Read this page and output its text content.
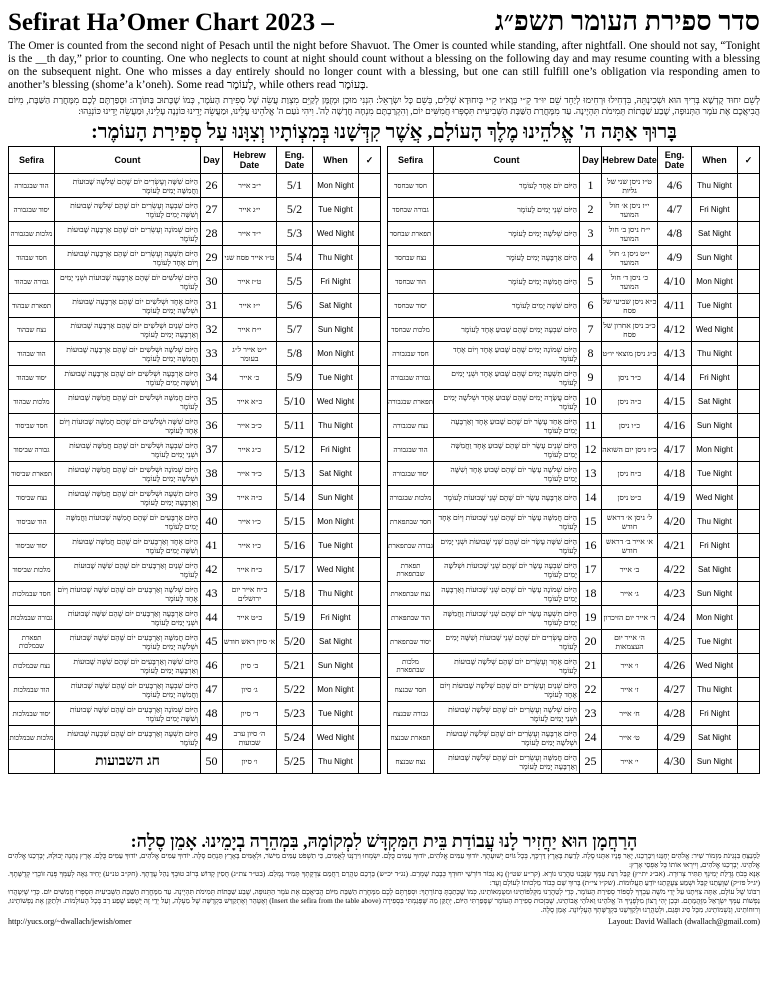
Sefirat Ha’Omer Chart 2023 –	סדר ספירת העומר תשפ״ג
The Omer is counted from the second night of Pesach until the night before Shavuot. The Omer is counted while standing, after nightfall. One should not say, “Tonight is the __th day,” prior to counting. One who neglects to count at night should count without a blessing on the following day and may resume counting with a blessing on the subsequent night. One who misses a day entirely should no longer count with a blessing, but one can still fulfill one’s obligation via responding amen to another’s blessing (shome’a k’oneh). Some read לָעוֹמֶר, while others read בָּעוֹמֶר.
לְשֵׁם יִחוּד קֻדְשָׁא בְּרִיךְ הוּא וּשְׁכִינְתֵּהּ, בִּדְחִילוּ וּרְחִימוּ לְיַחֵד שֵׁם יוּ״ד קֵ״י בְּוָא״ו קֵ״י בְּיִחוּדָא שְׁלִים, בְּשֵׁם כָּל יִשְׂרָאֵל: הִנְנִי מוּכָן וּמְזֻמָּן לְקַיֵּם מִצְוַת עֲשֵׂה שֶׁל סְפִירַת הָעֹמֶר, כְּמוֹ שֶׁכָּתוּב בַּתּוֹרָה: וּסְפַרְתֶּם לָכֶם מִמָּחֳרַת הַשַּׁבָּת, מִיּוֹם הֲבִיאֲכֶם אֶת עֹמֶר הַתְּנוּפָה, שֶׁבַע שַׁבָּתוֹת תְּמִימֹת תִּהְיֶינָה. עַד מִמָּחֳרַת הַשַּׁבָּת הַשְּׁבִיעִית תִּסְפְּרוּ חֲמִשִּׁים יוֹם, וְהִקְרַבְתֶּם מִנְחָה חֲדָשָׁה לַה'. וִיהִי נֹעַם ה' אֱלֹהֵינוּ עָלֵינוּ, וּמַעֲשֵׂה יָדֵינוּ כּוֹנְנָה עָלֵינוּ, וּמַעֲשֵׂה יָדֵינוּ כּוֹנְנֵהוּ:
בָּרוּךְ אַתָּה ה' אֱלֹהֵינוּ מֶלֶךְ הָעוֹלָם, אֲשֶׁר קִדְּשָׁנוּ בְּמִצְוֹתָיו וְצִוָּנוּ עַל סְפִירַת הָעוֹמֶר:
Sefira	Count	Day	Hebrew Date	Eng. Date	When	✓
הוד שבגבורה	הַיּוֹם שִׁשָּׁה וְעֶשְׂרִים יוֹם שֶׁהֵם שְׁלֹשָׁה שָׁבוּעוֹת וַחֲמִשָּׁה יָמִים לָעוֹמֶר	26	י״ב אייר	5/1	Mon Night	
יסוד שבגבורה	הַיּוֹם שִׁבְעָה וְעֶשְׂרִים יוֹם שֶׁהֵם שְׁלֹשָׁה שָׁבוּעוֹת וְשִׁשָּׁה יָמִים לָעוֹמֶר	27	י״ג אייר	5/2	Tue Night	
מלכות שבגבורה	הַיּוֹם שְׁמוֹנָה וְעֶשְׂרִים יוֹם שֶׁהֵם אַרְבָּעָה שָׁבוּעוֹת לָעוֹמֶר	28	י״ד אייר	5/3	Wed Night	
חסד שבהוד	הַיּוֹם תִּשְׁעָה וְעֶשְׂרִים יוֹם שֶׁהֵם אַרְבָּעָה שָׁבוּעוֹת וְיוֹם אֶחָד לָעוֹמֶר	29	ט״ו אייר פסח שני	5/4	Thu Night	
גבורה שבהוד	הַיּוֹם שְׁלֹשִׁים יוֹם שֶׁהֵם אַרְבָּעָה שָׁבוּעוֹת וּשְׁנֵי יָמִים לָעוֹמֶר	30	ט״ז אייר	5/5	Fri Night	
תפארת שבהוד	הַיּוֹם אֶחָד וּשְׁלֹשִׁים יוֹם שֶׁהֵם אַרְבָּעָה שָׁבוּעוֹת וּשְׁלֹשָׁה יָמִים לָעוֹמֶר	31	י״ז אייר	5/6	Sat Night	
נצח שבהוד	הַיּוֹם שְׁנַיִם וּשְׁלֹשִׁים יוֹם שֶׁהֵם אַרְבָּעָה שָׁבוּעוֹת וְאַרְבָּעָה יָמִים לָעוֹמֶר	32	י״ח אייר	5/7	Sun Night	
הוד שבהוד	הַיּוֹם שְׁלֹשָׁה וּשְׁלֹשִׁים יוֹם שֶׁהֵם אַרְבָּעָה שָׁבוּעוֹת וַחֲמִשָּׁה יָמִים לָעוֹמֶר	33	י״ט אייר ל״ג בעומר	5/8	Mon Night	
יסוד שבהוד	הַיּוֹם אַרְבָּעָה וּשְׁלֹשִׁים יוֹם שֶׁהֵם אַרְבָּעָה שָׁבוּעוֹת וְשִׁשָּׁה יָמִים לָעוֹמֶר	34	כ׳ אייר	5/9	Tue Night	
מלכות שבהוד	הַיּוֹם חֲמִשָּׁה וּשְׁלֹשִׁים יוֹם שֶׁהֵם חֲמִשָּׁה שָׁבוּעוֹת לָעוֹמֶר	35	כ״א אייר	5/10	Wed Night	
חסד שביסוד	הַיּוֹם שִׁשָּׁה וּשְׁלֹשִׁים יוֹם שֶׁהֵם חֲמִשָּׁה שָׁבוּעוֹת וְיוֹם אֶחָד לָעוֹמֶר	36	כ״ב אייר	5/11	Thu Night	
גבורה שביסוד	הַיּוֹם שִׁבְעָה וּשְׁלֹשִׁים יוֹם שֶׁהֵם חֲמִשָּׁה שָׁבוּעוֹת וּשְׁנֵי יָמִים לָעוֹמֶר	37	כ״ג אייר	5/12	Fri Night	
תפארת שביסוד	הַיּוֹם שְׁמוֹנָה וּשְׁלֹשִׁים יוֹם שֶׁהֵם חֲמִשָּׁה שָׁבוּעוֹת וּשְׁלֹשָׁה יָמִים לָעוֹמֶר	38	כ״ד אייר	5/13	Sat Night	
נצח שביסוד	הַיּוֹם תִּשְׁעָה וּשְׁלֹשִׁים יוֹם שֶׁהֵם חֲמִשָּׁה שָׁבוּעוֹת וְאַרְבָּעָה יָמִים לָעוֹמֶר	39	כ״ה אייר	5/14	Sun Night	
הוד שביסוד	הַיּוֹם אַרְבָּעִים יוֹם שֶׁהֵם חֲמִשָּׁה שָׁבוּעוֹת וַחֲמִשָּׁה יָמִים לָעוֹמֶר	40	כ״ו אייר	5/15	Mon Night	
יסוד שביסוד	הַיּוֹם אֶחָד וְאַרְבָּעִים יוֹם שֶׁהֵם חֲמִשָּׁה שָׁבוּעוֹת וְשִׁשָּׁה יָמִים לָעוֹמֶר	41	כ״ז אייר	5/16	Tue Night	
מלכות שביסוד	הַיּוֹם שְׁנַיִם וְאַרְבָּעִים יוֹם שֶׁהֵם שִׁשָּׁה שָׁבוּעוֹת לָעוֹמֶר	42	כ״ח אייר	5/17	Wed Night	
חסד שבמלכות	הַיּוֹם שְׁלֹשָׁה וְאַרְבָּעִים יוֹם שֶׁהֵם שִׁשָּׁה שָׁבוּעוֹת וְיוֹם אֶחָד לָעוֹמֶר	43	כ״ח אייר יום ירושלים	5/18	Thu Night	
גבורה שבמלכות	הַיּוֹם אַרְבָּעָה וְאַרְבָּעִים יוֹם שֶׁהֵם שִׁשָּׁה שָׁבוּעוֹת וּשְׁנֵי יָמִים לָעוֹמֶר	44	כ״ט אייר	5/19	Fri Night	
תפארת שבמלכות	הַיּוֹם חֲמִשָּׁה וְאַרְבָּעִים יוֹם שֶׁהֵם שִׁשָּׁה שָׁבוּעוֹת וּשְׁלֹשָׁה יָמִים לָעוֹמֶר	45	א׳ סיון ראש חודש	5/20	Sat Night	
נצח שבמלכות	הַיּוֹם שִׁשָּׁה וְאַרְבָּעִים יוֹם שֶׁהֵם שִׁשָּׁה שָׁבוּעוֹת וְאַרְבָּעָה יָמִים לָעוֹמֶר	46	ב׳ סיון	5/21	Sun Night	
הוד שבמלכות	הַיּוֹם שִׁבְעָה וְאַרְבָּעִים יוֹם שֶׁהֵם שִׁשָּׁה שָׁבוּעוֹת וַחֲמִשָּׁה יָמִים לָעוֹמֶר	47	ג׳ סיון	5/22	Mon Night	
יסוד שבמלכות	הַיּוֹם שְׁמוֹנָה וְאַרְבָּעִים יוֹם שֶׁהֵם שִׁשָּׁה שָׁבוּעוֹת וְשִׁשָּׁה יָמִים לָעוֹמֶר	48	ד׳ סיון	5/23	Tue Night	
מלכות שבמלכות	הַיּוֹם תִּשְׁעָה וְאַרְבָּעִים יוֹם שֶׁהֵם שִׁבְעָה שָׁבוּעוֹת לָעוֹמֶר	49	ה׳ סיון ערב שבועות	5/24	Wed Night	
	חג השבועות	50	ו׳ סיון	5/25	Thu Night	
Sefira	Count	Day	Hebrew Date	Eng. Date	When	✓
חסד שבחסד	הַיּוֹם יוֹם אֶחָד לָעוֹמֶר	1	ט״ז ניסן שני של גליות	4/6	Thu Night	
גבורה שבחסד	הַיּוֹם שְׁנֵי יָמִים לָעוֹמֶר	2	י״ז ניסן א׳ חול המועד	4/7	Fri Night	
תפארת שבחסד	הַיּוֹם שְׁלֹשָׁה יָמִים לָעוֹמֶר	3	י״ח ניסן ב׳ חול המועד	4/8	Sat Night	
נצח שבחסד	הַיּוֹם אַרְבָּעָה יָמִים לָעוֹמֶר	4	י״ט ניסן ג׳ חול המועד	4/9	Sun Night	
הוד שבחסד	הַיּוֹם חֲמִשָּׁה יָמִים לָעוֹמֶר	5	כ׳ ניסן ד׳ חול המועד	4/10	Mon Night	
יסוד שבחסד	הַיּוֹם שִׁשָּׁה יָמִים לָעוֹמֶר	6	כ״א ניסן שביעי של פסח	4/11	Tue Night	
מלכות שבחסד	הַיּוֹם שִׁבְעָה יָמִים שֶׁהֵם שָׁבוּעַ אֶחָד לָעוֹמֶר	7	כ״ב ניסן אחרון של פסח	4/12	Wed Night	
חסד שבגבורה	הַיּוֹם שְׁמוֹנָה יָמִים שֶׁהֵם שָׁבוּעַ אֶחָד וְיוֹם אֶחָד לָעוֹמֶר	8	כ״ג ניסן מוצאי יו״ט	4/13	Thu Night	
גבורה שבגבורה	הַיּוֹם תִּשְׁעָה יָמִים שֶׁהֵם שָׁבוּעַ אֶחָד וּשְׁנֵי יָמִים לָעוֹמֶר	9	כ״ד ניסן	4/14	Fri Night	
תפארת שבגבורה	הַיּוֹם עֲשָׂרָה יָמִים שֶׁהֵם שָׁבוּעַ אֶחָד וּשְׁלֹשָׁה יָמִים לָעוֹמֶר	10	כ״ה ניסן	4/15	Sat Night	
נצח שבגבורה	הַיּוֹם אַחַד עָשָׂר יוֹם שֶׁהֵם שָׁבוּעַ אֶחָד וְאַרְבָּעָה יָמִים לָעוֹמֶר	11	כ״ו ניסן	4/16	Sun Night	
הוד שבגבורה	הַיּוֹם שְׁנֵים עָשָׂר יוֹם שֶׁהֵם שָׁבוּעַ אֶחָד וַחֲמִשָּׁה יָמִים לָעוֹמֶר	12	כ״ז ניסן יום השואה	4/17	Mon Night	
יסוד שבגבורה	הַיּוֹם שְׁלֹשָׁה עָשָׂר יוֹם שֶׁהֵם שָׁבוּעַ אֶחָד וְשִׁשָּׁה יָמִים לָעוֹמֶר	13	כ״ח ניסן	4/18	Tue Night	
מלכות שבגבורה	הַיּוֹם אַרְבָּעָה עָשָׂר יוֹם שֶׁהֵם שְׁנֵי שָׁבוּעוֹת לָעוֹמֶר	14	כ״ט ניסן	4/19	Wed Night	
חסד שבתפארת	הַיּוֹם חֲמִשָּׁה עָשָׂר יוֹם שֶׁהֵם שְׁנֵי שָׁבוּעוֹת וְיוֹם אֶחָד לָעוֹמֶר	15	ל׳ ניסן א׳ דראש חודש	4/20	Thu Night	
גבורה שבתפארת	הַיּוֹם שִׁשָּׁה עָשָׂר יוֹם שֶׁהֵם שְׁנֵי שָׁבוּעוֹת וּשְׁנֵי יָמִים לָעוֹמֶר	16	א׳ אייר ב׳ דראש חודש	4/21	Fri Night	
תפארת שבתפארת	הַיּוֹם שִׁבְעָה עָשָׂר יוֹם שֶׁהֵם שְׁנֵי שָׁבוּעוֹת וּשְׁלֹשָׁה יָמִים לָעוֹמֶר	17	ב׳ אייר	4/22	Sat Night	
נצח שבתפארת	הַיּוֹם שְׁמוֹנָה עָשָׂר יוֹם שֶׁהֵם שְׁנֵי שָׁבוּעוֹת וְאַרְבָּעָה יָמִים לָעוֹמֶר	18	ג׳ אייר	4/23	Sun Night	
הוד שבתפארת	הַיּוֹם תִּשְׁעָה עָשָׂר יוֹם שֶׁהֵם שְׁנֵי שָׁבוּעוֹת וַחֲמִשָּׁה יָמִים לָעוֹמֶר	19	ד׳ אייר יום הזיכרון	4/24	Mon Night	
יסוד שבתפארת	הַיּוֹם עֶשְׂרִים יוֹם שֶׁהֵם שְׁנֵי שָׁבוּעוֹת וְשִׁשָּׁה יָמִים לָעוֹמֶר	20	ה׳ אייר יום העצמאות	4/25	Tue Night	
מלכות שבתפארת	הַיּוֹם אֶחָד וְעֶשְׂרִים יוֹם שֶׁהֵם שְׁלֹשָׁה שָׁבוּעוֹת לָעוֹמֶר	21	ו׳ אייר	4/26	Wed Night	
חסד שבנצח	הַיּוֹם שְׁנַיִם וְעֶשְׂרִים יוֹם שֶׁהֵם שְׁלֹשָׁה שָׁבוּעוֹת וְיוֹם אֶחָד לָעוֹמֶר	22	ז׳ אייר	4/27	Thu Night	
גבורה שבנצח	הַיּוֹם שְׁלֹשָׁה וְעֶשְׂרִים יוֹם שֶׁהֵם שְׁלֹשָׁה שָׁבוּעוֹת וּשְׁנֵי יָמִים לָעוֹמֶר	23	ח׳ אייר	4/28	Fri Night	
תפארת שבנצח	הַיּוֹם אַרְבָּעָה וְעֶשְׂרִים יוֹם שֶׁהֵם שְׁלֹשָׁה שָׁבוּעוֹת וּשְׁלֹשָׁה יָמִים לָעוֹמֶר	24	ט׳ אייר	4/29	Sat Night	
נצח שבנצח	הַיּוֹם חֲמִשָּׁה וְעֶשְׂרִים יוֹם שֶׁהֵם שְׁלֹשָׁה שָׁבוּעוֹת וְאַרְבָּעָה יָמִים לָעוֹמֶר	25	י׳ אייר	4/30	Sun Night	
הָרַחֲמָן הוּא יַחֲזִיר לָנוּ עֲבוֹדַת בֵּית הַמִּקְדָּשׁ לִמְקוֹמָהּ, בִּמְהֵרָה בְיָמֵינוּ. אָמֵן סֶלָה:
לַמְנַצֵּחַ בִּנְגִינֹת מִזְמוֹר שִׁיר: אֱלֹהִים יְחָנֵּנוּ וִיבָרְכֵנוּ, יָאֵר פָּנָיו אִתָּנוּ סֶלָה. לָדַעַת בָּאָרֶץ דַּרְכֶּךָ, בְּכָל גּוֹיִם יְשׁוּעָתֶךָ. יוֹדוּךָ עַמִּים אֱלֹהִים, יוֹדוּךָ עַמִּים כֻּלָּם. יִשְׂמְחוּ וִירַנְּנוּ לְאֻמִּים, כִּי תִשְׁפֹּט עַמִּים מִישֹׁר, וּלְאֻמִּים בָּאָרֶץ תַּנְחֵם סֶלָה. יוֹדוּךָ עַמִּים אֱלֹהִים, יוֹדוּךָ עַמִּים כֻּלָּם. אֶרֶץ נָתְנָה יְבוּלָהּ, יְבָרְכֵנוּ אֱלֹהִים אֱלֹהֵינוּ. יְבָרְכֵנוּ אֱלֹהִים, וְיִירְאוּ אוֹתוֹ כָּל אַפְסֵי אָרֶץ:
אָנָּא בְּכֹחַ גְּדֻלַּת יְמִינְךָ תַּתִּיר צְרוּרָה. (אב״ג ית״ץ) קַבֵּל רִנַּת עַמְּךָ שַׂגְּבֵנוּ טַהֲרֵנוּ נוֹרָא. (קר״ע שט״ן) נָא גִבּוֹר דּוֹרְשֵׁי יִחוּדְךָ כְּבָבַת שָׁמְרֵם. (נג״ד יכ״ש) בָּרְכֵם טַהֲרֵם רַחֲמֵם צִדְקָתְךָ תָּמִיד גָּמְלֵם. (בט״ר צת״ג) חֲסִין קָדוֹשׁ בְּרוֹב טוּבְךָ נַהֵל עֲדָתֶךָ. (חק״ב טנ״ע) יָחִיד גֵּאֶה לְעַמְּךָ פְּנֵה זוֹכְרֵי קְדֻשָּׁתֶךָ. (יג״ל פז״ק) שַׁוְעָתֵנוּ קַבֵּל וּשְׁמַע צַעֲקָתֵנוּ יוֹדֵעַ תַּעֲלוּמוֹת. (שק״ו צי״ת) בָּרוּךְ שֵׁם כְּבוֹד מַלְכוּתוֹ לְעוֹלָם וָעֶד:
רִבּוֹנוֹ שֶׁל עוֹלָם, אַתָּה צִוִּיתָנוּ עַל יְדֵי מֹשֶׁה עַבְדֶּךָ לִסְפּוֹר סְפִירַת הָעוֹמֶר, כְּדֵי לְטַהֲרֵנוּ מִקְּלִפּוֹתֵינוּ וּמִטֻּמְאוֹתֵינוּ, כְּמוֹ שֶׁכָּתַבְתָּ בְּתוֹרָתֶךָ: וּסְפַרְתֶּם לָכֶם מִמָּחֳרַת הַשַּׁבָּת מִיּוֹם הֲבִיאֲכֶם אֶת עֹמֶר הַתְּנוּפָה, שֶׁבַע שַׁבָּתוֹת תְּמִימֹת תִּהְיֶינָה. עַד מִמָּחֳרַת הַשַּׁבָּת הַשְּׁבִיעִית תִּסְפְּרוּ חֲמִשִּׁים יוֹם. כְּדֵי שֶׁיִּטָּהֲרוּ נַפְשׁוֹת עַמְּךָ יִשְׂרָאֵל מִזֻּהֲמָתָם. וּבְכֵן יְהִי רָצוֹן מִלְּפָנֶיךָ ה' אֱלֹהֵינוּ וֵאלֹהֵי אֲבוֹתֵינוּ, שֶׁבִּזְכוּת סְפִירַת הָעוֹמֶר שֶׁסָּפַרְתִּי הַיּוֹם, יְתֻקַּן מַה שֶּׁפָּגַמְתִּי בִּסְפִירָה (Insert the sefira from the table above) וְאֶטָּהֵר וְאֶתְקַדֵּשׁ בִּקְדֻשָּׁה שֶׁל מַעְלָה, וְעַל יְדֵי זֶה יֻשְׁפַּע שֶׁפַע רַב בְּכָל הָעוֹלָמוֹת. וּלְתַקֵּן אֶת נַפְשׁוֹתֵינוּ, וְרוּחוֹתֵינוּ, וְנִשְׁמוֹתֵינוּ, מִכָּל סִיג וּפְגַם, וּלְטַהֲרֵנוּ וּלְקַדְּשֵׁנוּ בִּקְדֻשָּׁתְךָ הָעֶלְיוֹנָה. אָמֵן סֶלָה.
http://yucs.org/~dwallach/jewish/omer	Layout: David Wallach (dwallach@gmail.com)
